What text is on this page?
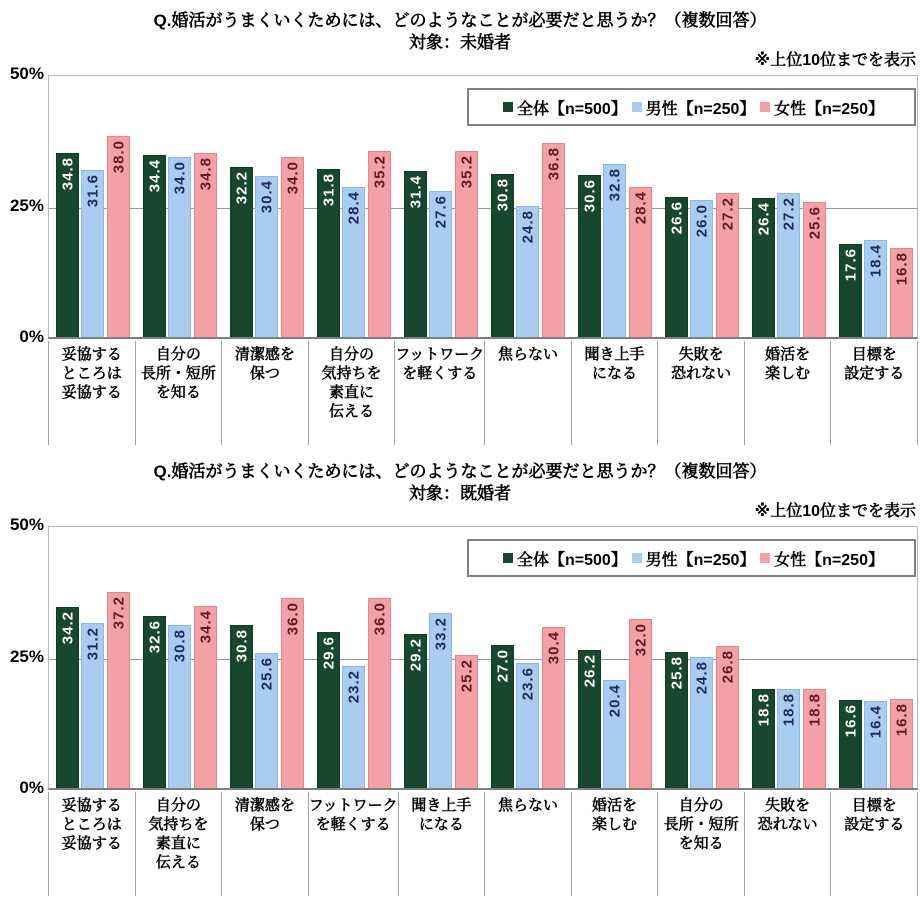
Q.婚活がうまくいくためには、どのようなことが必要だと思うか？（複数回答）
対象：未婚者
※上位10位までを表示
50%
25%
0%
34.8	34.4	32.2	31.8	31.4	30.8	30.6
26.6	26.4
17.6
31.6	34.0
30.4	28.4	27.6	24.8
32.8
26.0	27.2
18.4
38.0
34.8	34.0	35.2	35.2	36.8
28.4	27.2	25.6
16.8
全体【n=500】 男性【n=250】 女性【n=250】
妥協する
ところは
妥協する
自分の
長所・短所
を知る
清潔感を
保つ
自分の
気持ちを
素直に
伝える
フットワーク
を軽くする
焦らない	聞き上手
になる
失敗を
恐れない
婚活を
楽しむ
目標を
設定する
Q.婚活がうまくいくためには、どのようなことが必要だと思うか？（複数回答）
対象：既婚者
※上位10位までを表示
50%
25%
0%
34.2	32.6	30.8	29.6	29.2	27.0	26.2	25.8
18.8	16.6
31.2	30.8
25.6	23.2
33.2
23.6
20.4
24.8
18.8	16.4
37.2	34.4	36.0	36.0
25.2
30.4	32.0
26.8
18.8	16.8
全体【n=500】 男性【n=250】 女性【n=250】
妥協する
ところは
妥協する
自分の
気持ちを
素直に
伝える
清潔感を
保つ
フットワーク
を軽くする
聞き上手
になる
焦らない	婚活を
楽しむ
自分の
長所・短所
を知る
失敗を
恐れない
目標を
設定する
